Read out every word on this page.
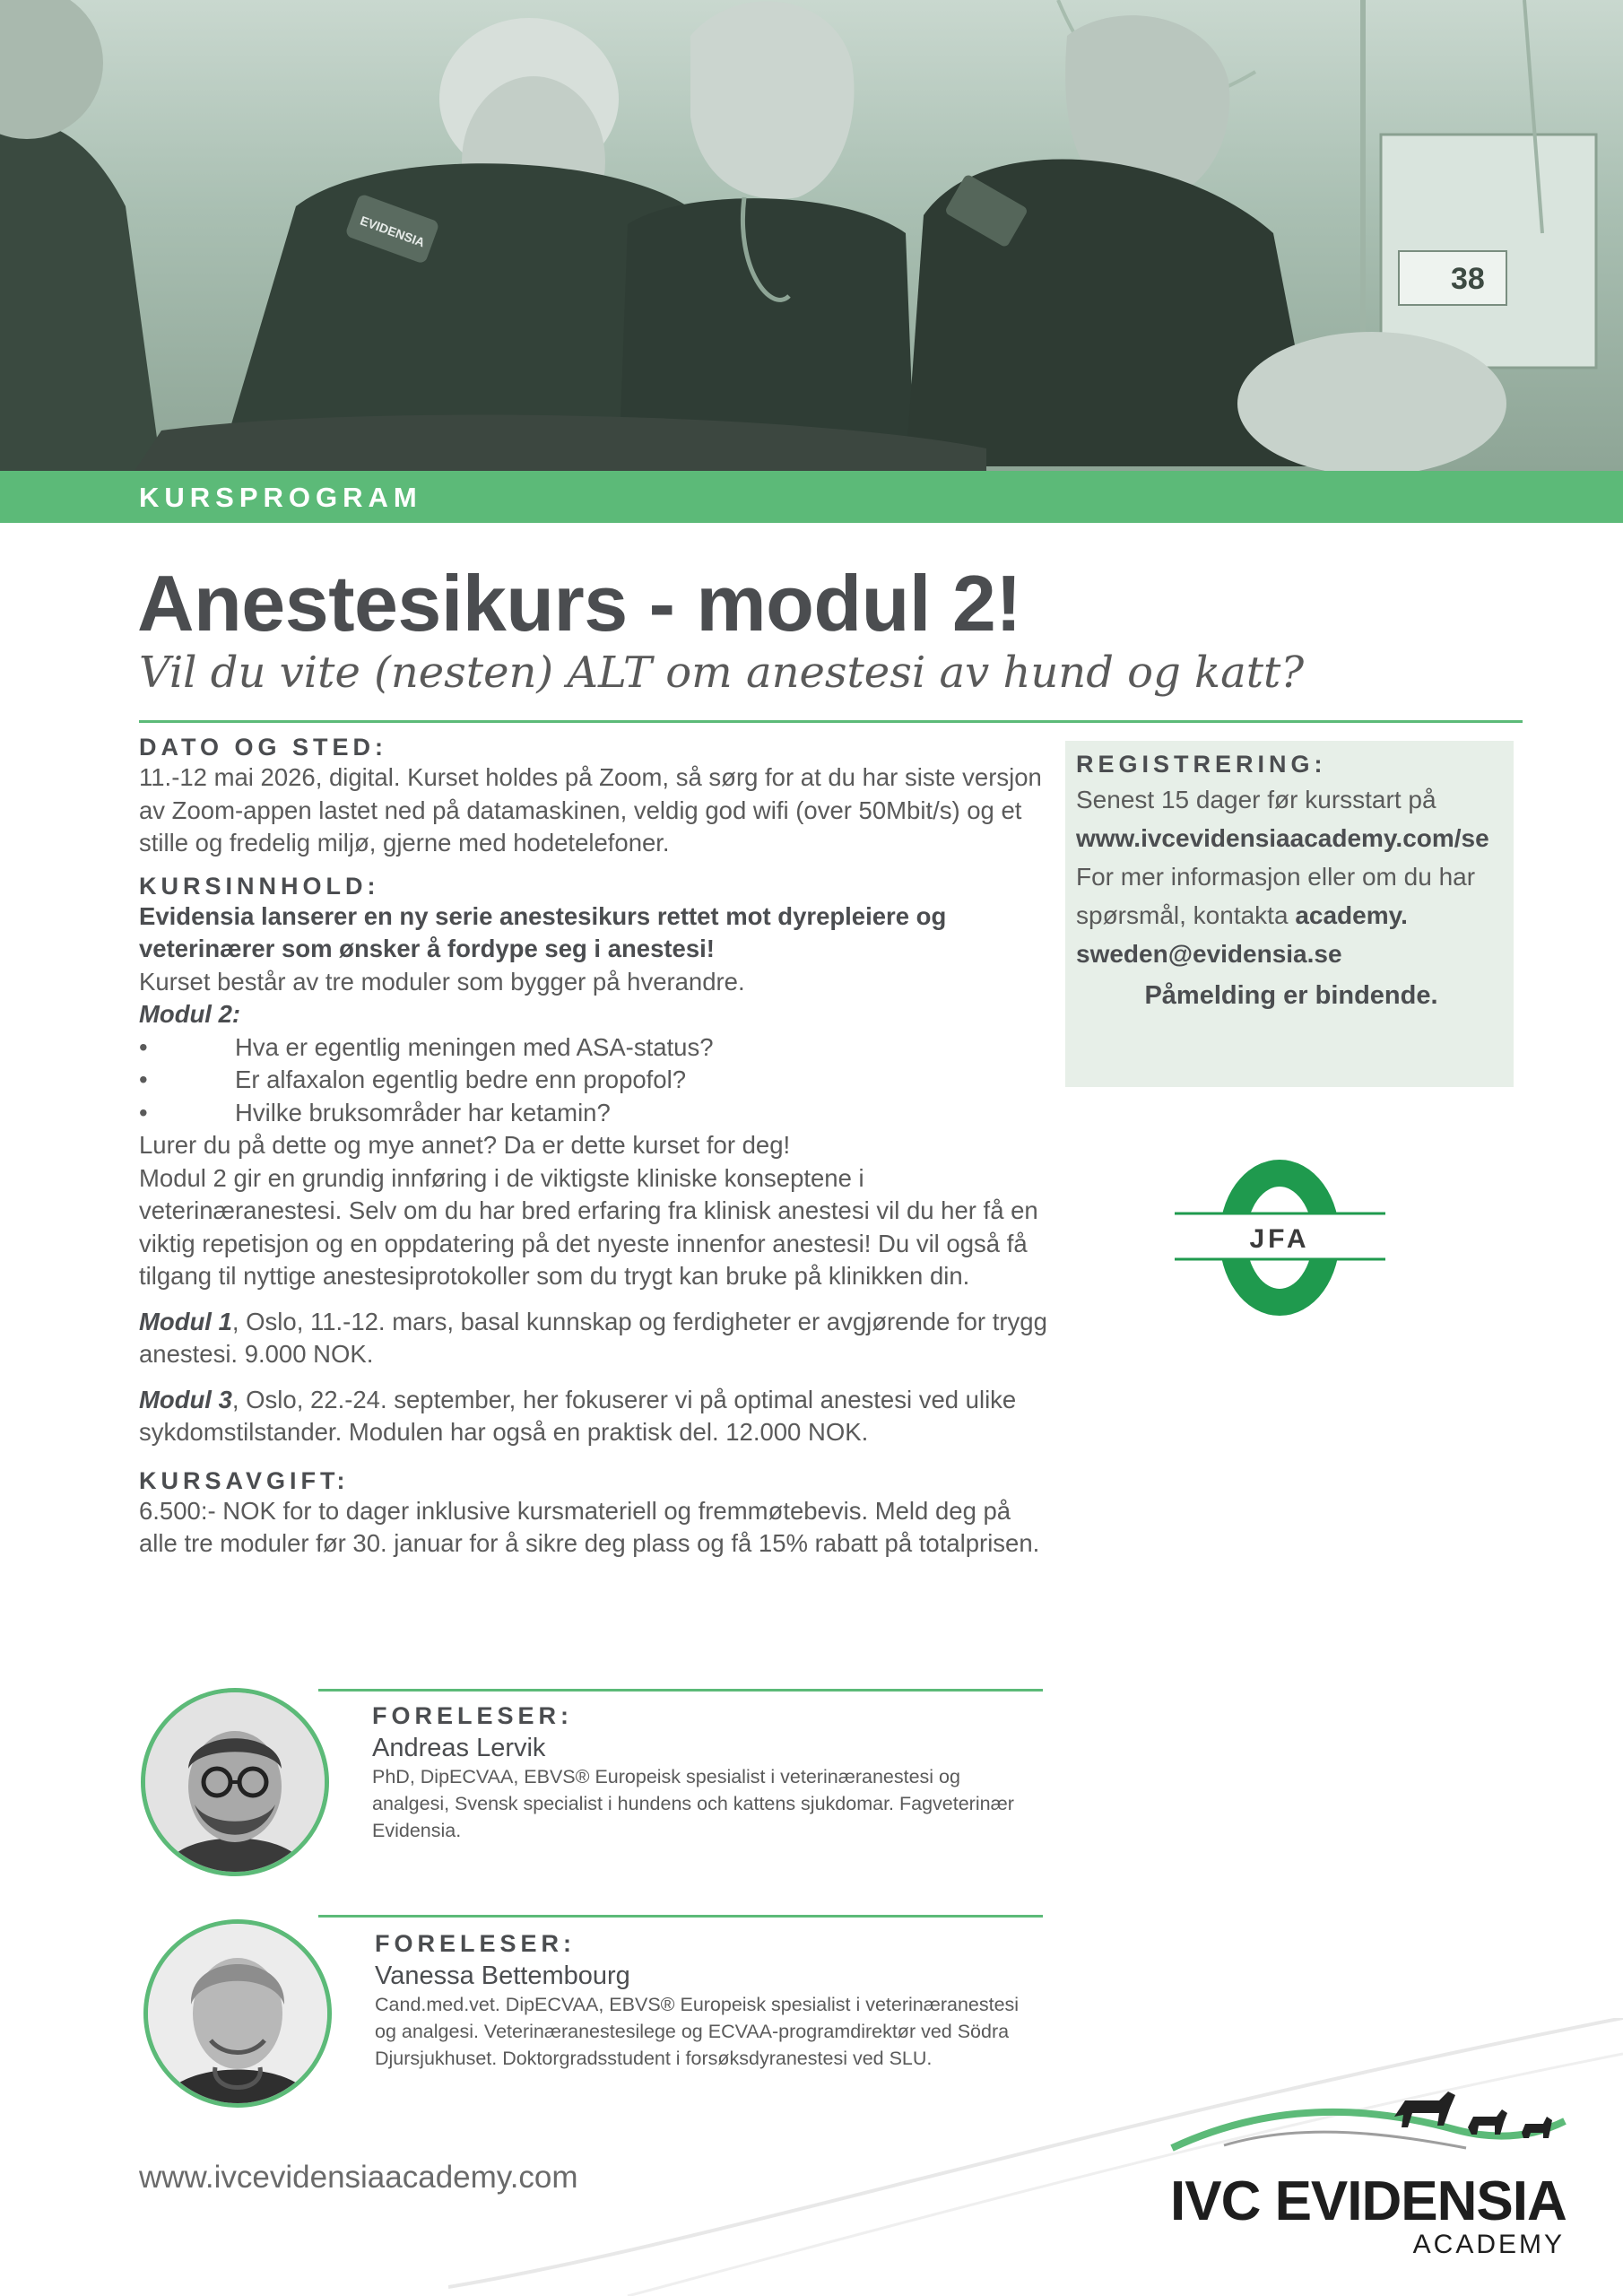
38
EVIDENSIA
KURSPROGRAM
Anestesikurs - modul 2!
Vil du vite (nesten) ALT om anestesi av hund og katt?

DATO OG STED:

11.-12 mai 2026, digital. Kurset holdes på Zoom, så sørg for at du har siste versjon av Zoom-appen lastet ned på datamaskinen, veldig god wifi (over 50Mbit/s) og et stille og fredelig miljø, gjerne med hodetelefoner.

KURSINNHOLD:

Evidensia lanserer en ny serie anestesikurs rettet mot dyrepleiere og veterinærer som ønsker å fordype seg i anestesi!

Kurset består av tre moduler som bygger på hverandre.

Modul 2:

•	Hva er egentlig meningen med ASA-status?
•	Er alfaxalon egentlig bedre enn propofol?
•	Hvilke bruksområder har ketamin?

Lurer du på dette og mye annet? Da er dette kurset for deg!

Modul 2 gir en grundig innføring i de viktigste kliniske konseptene i veterinæranestesi. Selv om du har bred erfaring fra klinisk anestesi vil du her få en viktig repetisjon og en oppdatering på det nyeste innenfor anestesi! Du vil også få tilgang til nyttige anestesiprotokoller som du trygt kan bruke på klinikken din.

Modul 1, Oslo, 11.-12. mars, basal kunnskap og ferdigheter er avgjørende for trygg anestesi. 9.000 NOK.

Modul 3, Oslo, 22.-24. september, her fokuserer vi på optimal anestesi ved ulike sykdomstilstander. Modulen har også en praktisk del. 12.000 NOK.

KURSAVGIFT:

6.500:- NOK for to dager inklusive kursmateriell og fremmøtebevis. Meld deg på alle tre moduler før 30. januar for å sikre deg plass og få 15% rabatt på totalprisen.

REGISTRERING:
Senest 15 dager før kursstart på
www.ivcevidensiaacademy.com/se
For mer informasjon eller om du har spørsmål, kontakta academy.
sweden@evidensia.se
Påmelding er bindende.
JFA
FORELESER:
Andreas Lervik
PhD, DipECVAA, EBVS® Europeisk spesialist i veterinæranestesi og analgesi, Svensk specialist i hundens och kattens sjukdomar. Fagveterinær Evidensia.
FORELESER:
Vanessa Bettembourg
Cand.med.vet. DipECVAA, EBVS® Europeisk spesialist i veterinæranestesi og analgesi. Veterinæranestesilege og ECVAA-programdirektør ved Södra Djursjukhuset. Doktorgradsstudent i forsøksdyranestesi ved SLU.
www.ivcevidensiaacademy.com	IVC EVIDENSIA
ACADEMY
